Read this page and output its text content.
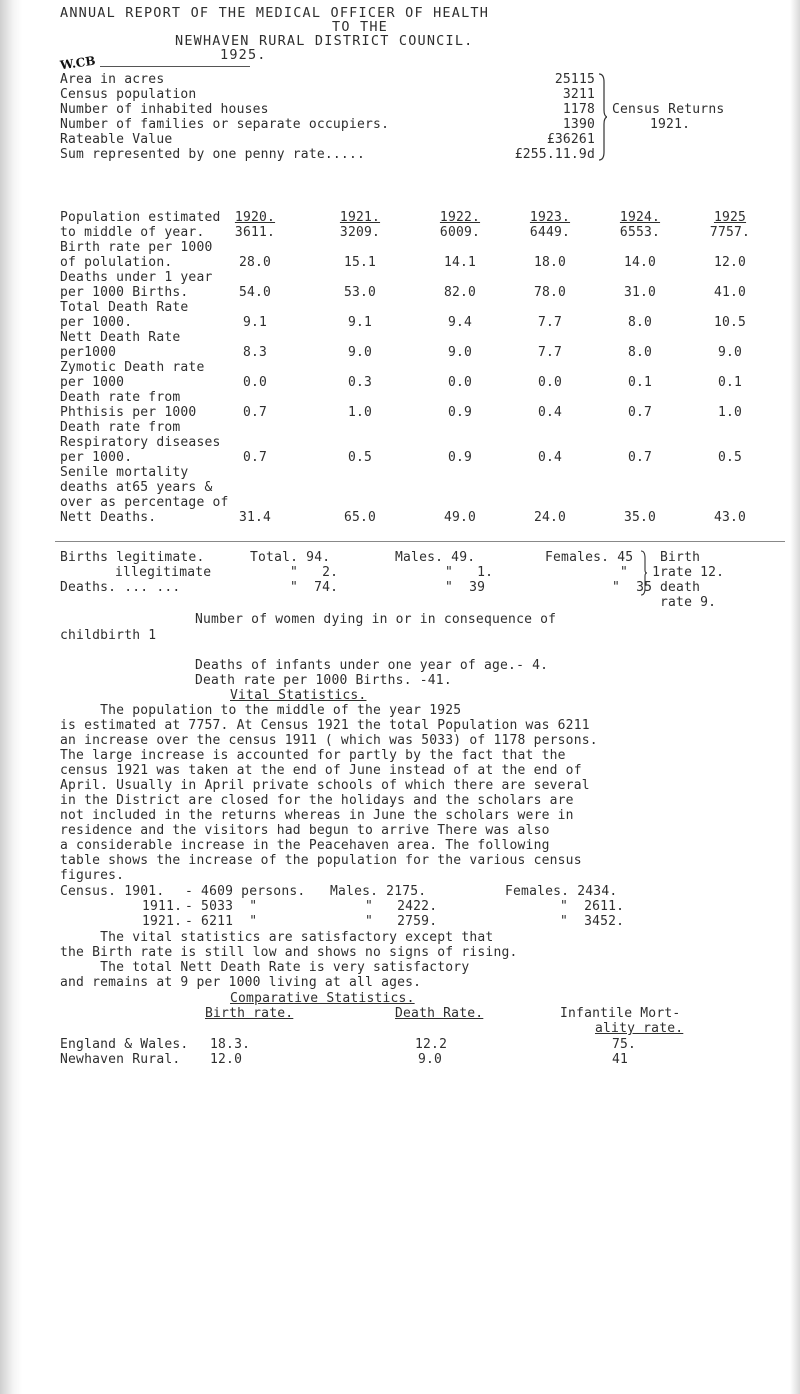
ANNUAL REPORT OF THE MEDICAL OFFICER OF HEALTH
TO THE
NEWHAVEN RURAL DISTRICT COUNCIL.
1925.
W.CB
Area in acres	25115
Census population	3211
Number of inhabited houses	1178
Number of families or separate occupiers.	1390
Rateable Value	£36261
Sum represented by one penny rate.....	£255.11.9d
Census Returns
1921.
Population estimated	1920.	1921.	1922.	1923.	1924.	1925
to middle of year.	3611.	3209.	6009.	6449.	6553.	7757.
Birth rate per 1000
of polulation.	28.0	15.1	14.1	18.0	14.0	12.0
Deaths under 1 year
per 1000 Births.	54.0	53.0	82.0	78.0	31.0	41.0
Total Death Rate
per 1000.	9.1	9.1	9.4	7.7	8.0	10.5
Nett Death Rate
per1000	8.3	9.0	9.0	7.7	8.0	9.0
Zymotic Death rate
per 1000	0.0	0.3	0.0	0.0	0.1	0.1
Death rate from
Phthisis per 1000	0.7	1.0	0.9	0.4	0.7	1.0
Death rate from
Respiratory diseases
per 1000.	0.7	0.5	0.9	0.4	0.7	0.5
Senile mortality
deaths at65 years &
over as percentage of
Nett Deaths.	31.4	65.0	49.0	24.0	35.0	43.0
Births legitimate.	Total. 94.	Males. 49.	Females. 45
illegitimate	"   2.	"   1.	"   1
Deaths. ... ...	"  74.	"  39	"  35
Birth
rate 12.
death
rate 9.
Number of women dying in or in consequence of
childbirth 1
Deaths of infants under one year of age.- 4.
Death rate per 1000 Births. -41.
Vital Statistics.
The population to the middle of the year 1925
is estimated at 7757. At Census 1921 the total Population was 6211
an increase over the census 1911 ( which was 5033) of 1178 persons.
The large increase is accounted for partly by the fact that the
census 1921 was taken at the end of June instead of at the end of
April. Usually in April private schools of which there are several
in the District are closed for the holidays and the scholars are
not included in the returns whereas in June the scholars were in
residence and the visitors had begun to arrive There was also
a considerable increase in the Peacehaven area. The following
table shows the increase of the population for the various census
figures.
Census. 1901. - 4609 persons. Males. 2175.	Females. 2434.
1911. - 5033  "	"   2422.	"  2611.
1921. - 6211  "	"   2759.	"  3452.
The vital statistics are satisfactory except that
the Birth rate is still low and shows no signs of rising.
The total Nett Death Rate is very satisfactory
and remains at 9 per 1000 living at all ages.
Comparative Statistics.
Birth rate.	Death Rate.	Infantile Mort-
ality rate.
England & Wales. 18.3.	12.2	75.
Newhaven Rural. 12.0	9.0	41
